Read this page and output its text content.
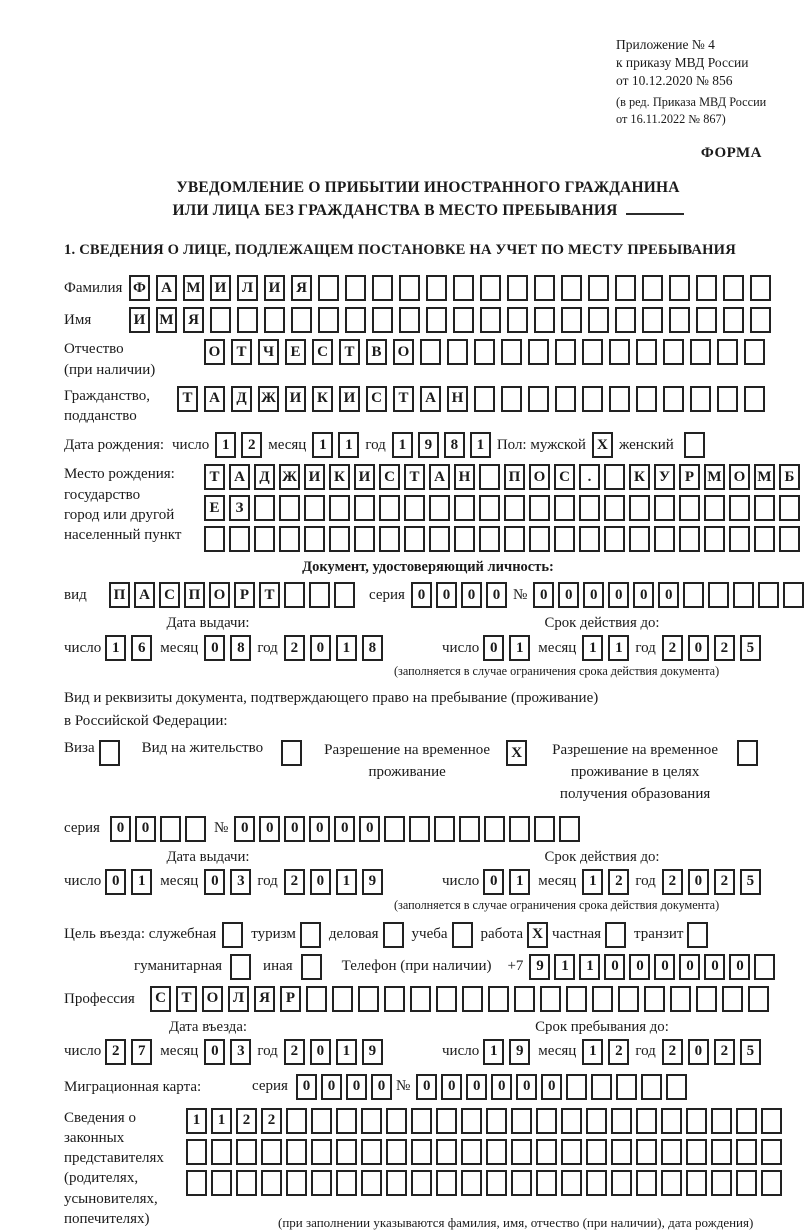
Приложение № 4
к приказу МВД России
от 10.12.2020 № 856
(в ред. Приказа МВД России
от 16.11.2022 № 867)
ФОРМА
УВЕДОМЛЕНИЕ О ПРИБЫТИИ ИНОСТРАННОГО ГРАЖДАНИНА
ИЛИ ЛИЦА БЕЗ ГРАЖДАНСТВА В МЕСТО ПРЕБЫВАНИЯ
1. СВЕДЕНИЯ О ЛИЦЕ, ПОДЛЕЖАЩЕМ ПОСТАНОВКЕ НА УЧЕТ ПО МЕСТУ ПРЕБЫВАНИЯ
Фамилия Ф	А М И	Л	И	Я
Имя	И М Я
Отчество
(при наличии)
О	Т	Ч	Е	С	Т	В	О
Гражданство,
подданство
Т	А	Д Ж И	К	И	С	Т	А	Н
Дата рождения: число 1	2 месяц 1	1 год 1	9	8	1 Пол: мужской X женский
Место рождения:
государство
город или другой
населенный пункт
Т А Д Ж И К И С Т А Н	П О С	.	К У Р М О М Б
Е	З
Документ, удостоверяющий личность:
вид	П А С П О Р	Т	серия 0	0	0	0 № 0	0	0	0	0	0
Дата выдачи:
число 1	6 месяц 0	8 год 2	0	1	8
Срок действия до:
число 0	1 месяц 1	1 год 2	0	2	5
(заполняется в случае ограничения срока действия документа)
Вид и реквизиты документа, подтверждающего право на пребывание (проживание)
в Российской Федерации:
Виза	Вид на жительство	Разрешение на временное проживание
X	Разрешение на временное проживание в целях получения образования
серия	0	0	№ 0	0	0	0	0	0
Дата выдачи:
число 0	1 месяц 0	3 год 2	0	1	9
Срок действия до:
число 0	1 месяц 1	2 год 2	0	2	5
(заполняется в случае ограничения срока действия документа)
Цель въезда: служебная туризм деловая учеба работа X частная транзит
гуманитарная	иная	Телефон (при наличии) +7 9	1	1	0	0	0	0	0	0
Профессия	С	Т	О Л Я	Р
Дата въезда:
число 2	7 месяц 0	3 год 2	0	1	9
Срок пребывания до:
число 1	9 месяц 1	2 год 2	0	2	5
Миграционная карта:	серия 0	0	0	0 № 0	0	0	0	0	0
Сведения о
законных
представителях
(родителях,
усыновителях,
попечителях)
1	1	2	2
(при заполнении указываются фамилия, имя, отчество (при наличии), дата рождения)
